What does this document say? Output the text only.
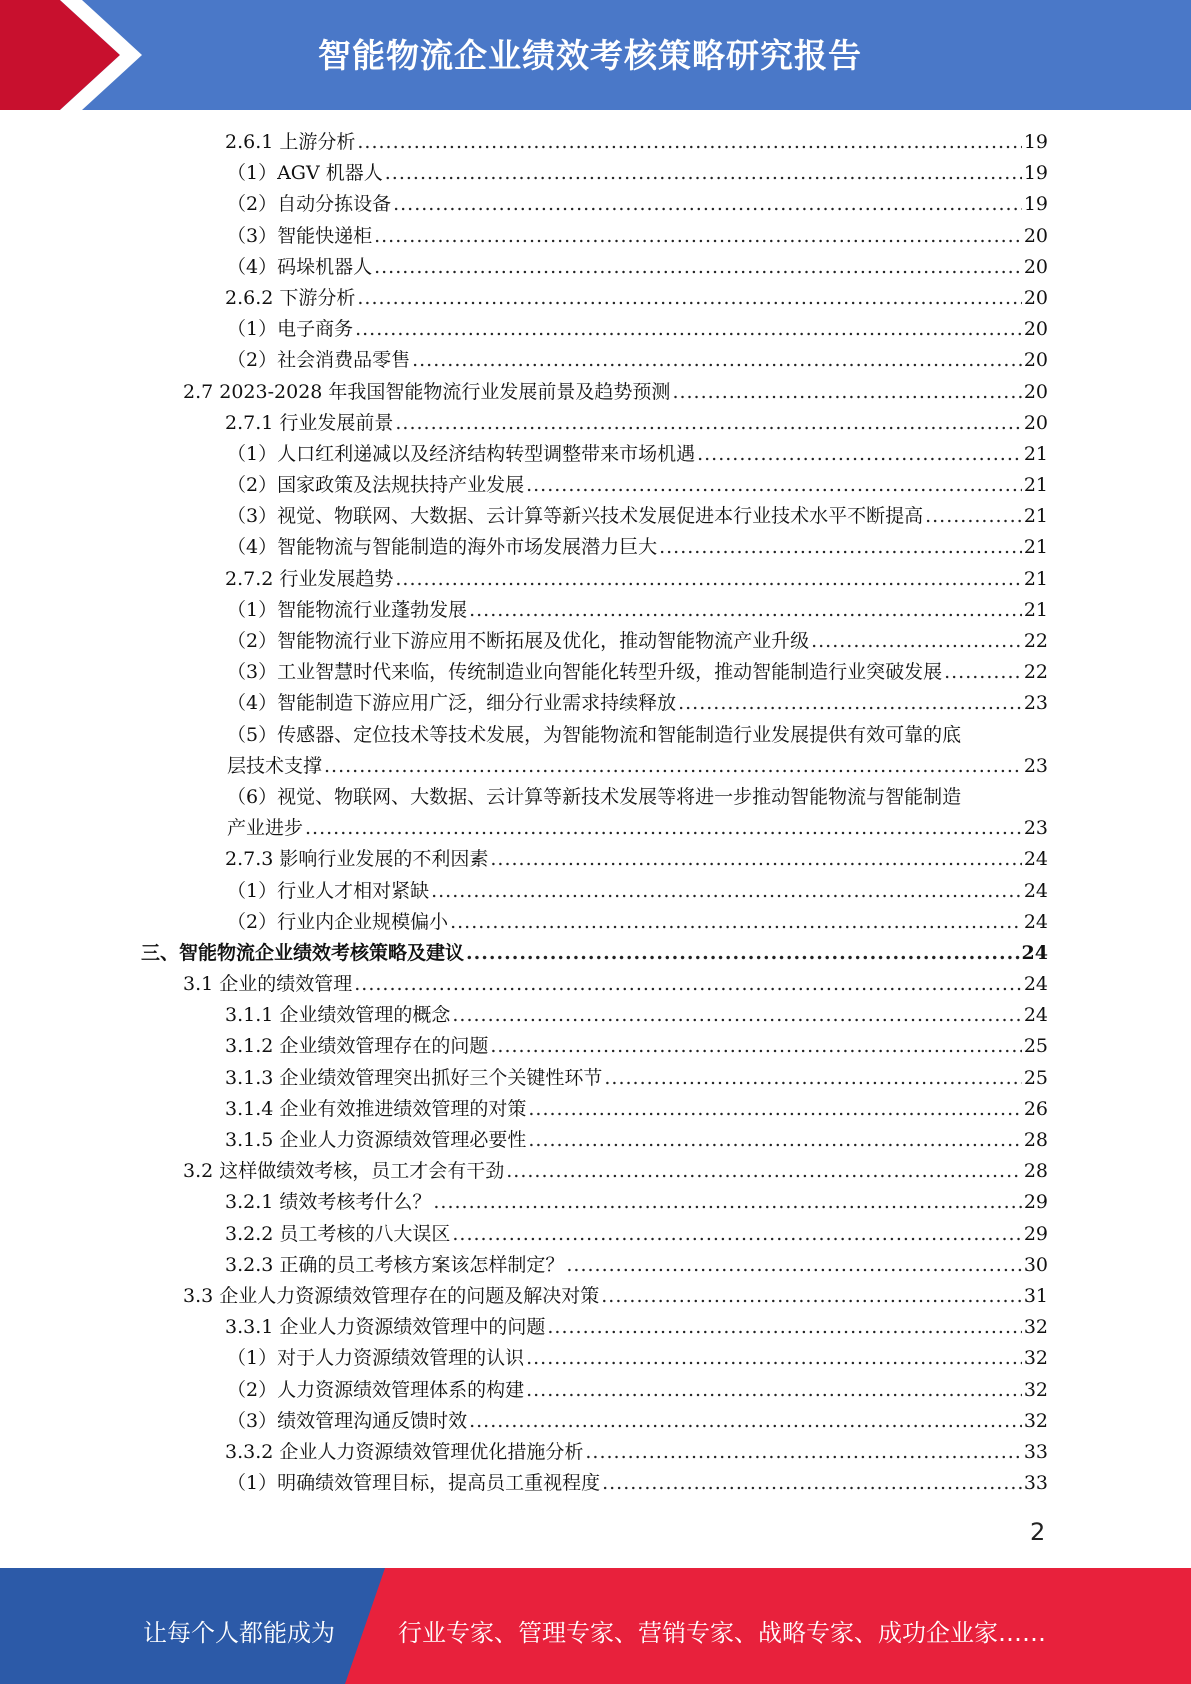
智能物流企业绩效考核策略研究报告
2.6.1 上游分析 .....	19
（1）AGV 机器人 .....	19
（2）自动分拣设备 .....	19
（3）智能快递柜 .....	20
（4）码垛机器人 .....	20
2.6.2 下游分析 .....	20
（1）电子商务 .....	20
（2）社会消费品零售 .....	20
2.7 2023-2028 年我国智能物流行业发展前景及趋势预测 .....	20
2.7.1 行业发展前景 .....	20
（1）人口红利递减以及经济结构转型调整带来市场机遇 .....	21
（2）国家政策及法规扶持产业发展 .....	21
（3）视觉、物联网、大数据、云计算等新兴技术发展促进本行业技术水平不断提高 .....	21
（4）智能物流与智能制造的海外市场发展潜力巨大 .....	21
2.7.2 行业发展趋势 .....	21
（1）智能物流行业蓬勃发展 .....	21
（2）智能物流行业下游应用不断拓展及优化，推动智能物流产业升级 .....	22
（3）工业智慧时代来临，传统制造业向智能化转型升级，推动智能制造行业突破发展 .....	22
（4）智能制造下游应用广泛，细分行业需求持续释放 .....	23
（5）传感器、定位技术等技术发展，为智能物流和智能制造行业发展提供有效可靠的底
层技术支撑 .....	23
（6）视觉、物联网、大数据、云计算等新技术发展等将进一步推动智能物流与智能制造
产业进步 .....	23
2.7.3 影响行业发展的不利因素 .....	24
（1）行业人才相对紧缺 .....	24
（2）行业内企业规模偏小 .....	24
三、智能物流企业绩效考核策略及建议 .....	24
3.1 企业的绩效管理 .....	24
3.1.1 企业绩效管理的概念 .....	24
3.1.2 企业绩效管理存在的问题 .....	25
3.1.3 企业绩效管理突出抓好三个关键性环节 .....	25
3.1.4 企业有效推进绩效管理的对策 .....	26
3.1.5 企业人力资源绩效管理必要性 .....	28
3.2 这样做绩效考核，员工才会有干劲 .....	28
3.2.1 绩效考核考什么？ .....	29
3.2.2 员工考核的八大误区 .....	29
3.2.3 正确的员工考核方案该怎样制定？ .....	30
3.3 企业人力资源绩效管理存在的问题及解决对策 .....	31
3.3.1 企业人力资源绩效管理中的问题 .....	32
（1）对于人力资源绩效管理的认识 .....	32
（2）人力资源绩效管理体系的构建 .....	32
（3）绩效管理沟通反馈时效 .....	32
3.3.2 企业人力资源绩效管理优化措施分析 .....	33
（1）明确绩效管理目标，提高员工重视程度 .....	33
2
让每个人都能成为	行业专家、管理专家、营销专家、战略专家、成功企业家……
